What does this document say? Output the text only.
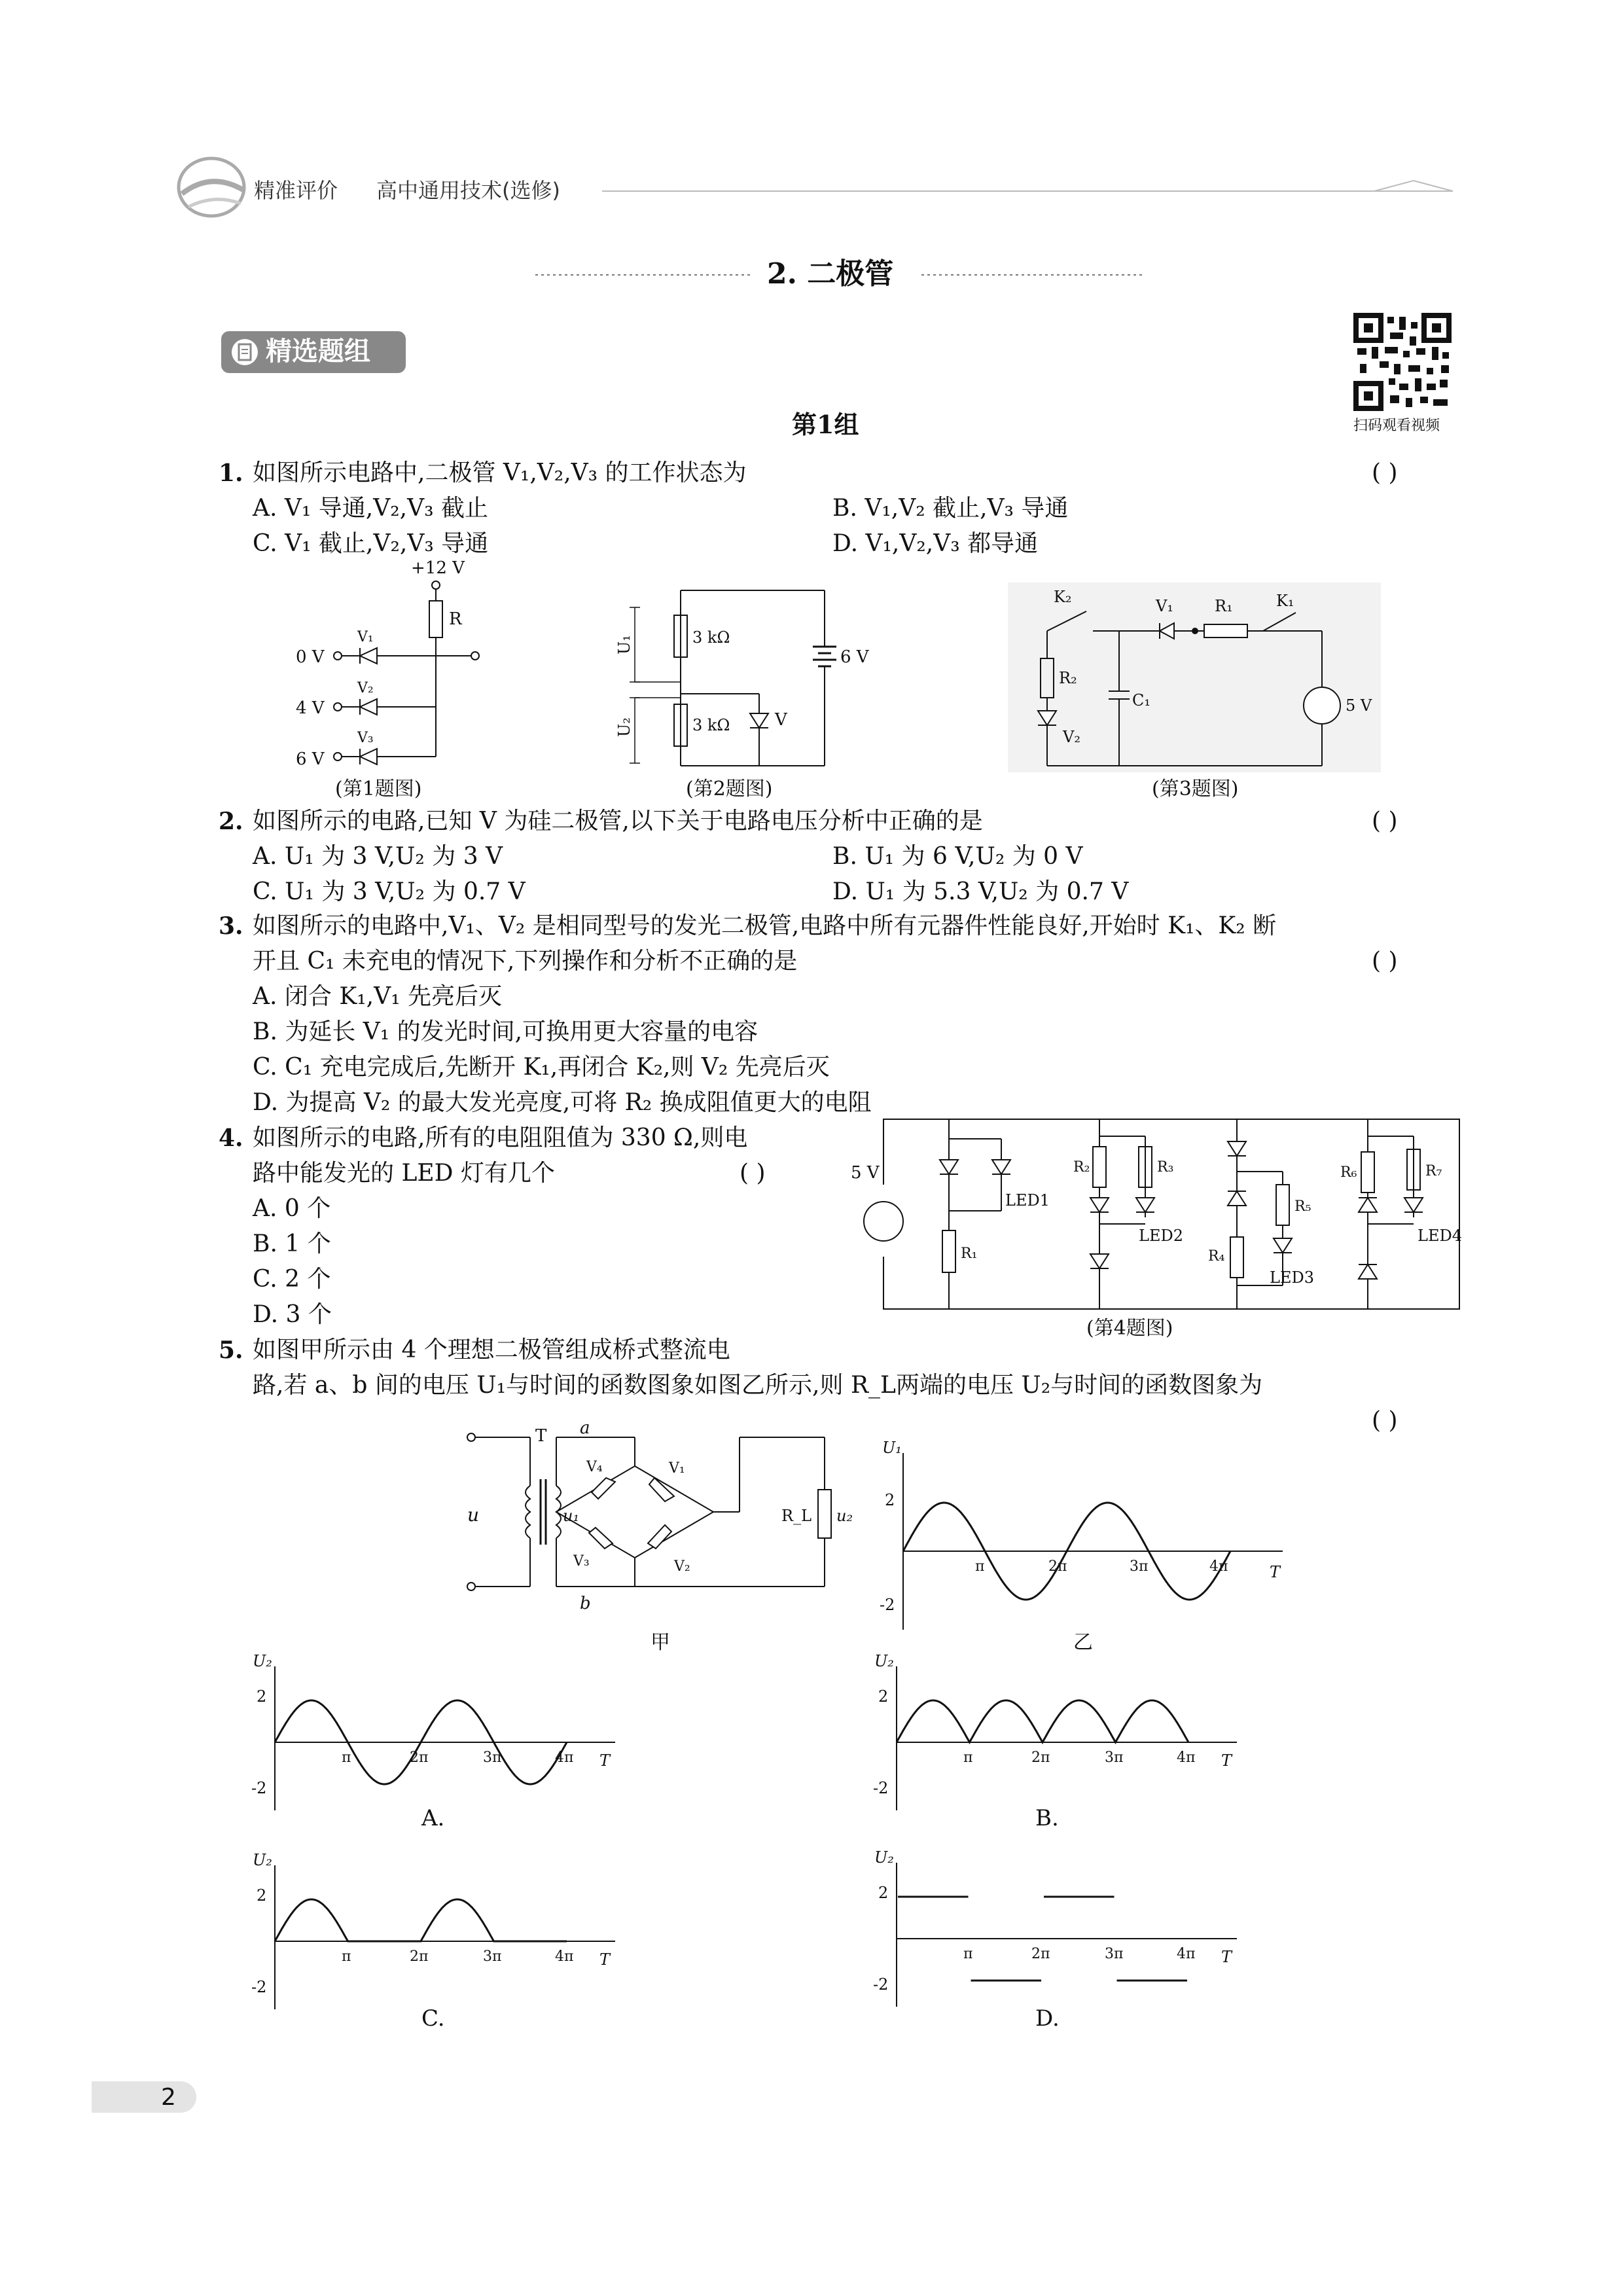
精准评价 高中通用技术(选修)
2. 二极管
精选题组
扫码观看视频
第1组
1. 如图所示电路中,二极管 V₁,V₂,V₃ 的工作状态为	( )
A. V₁ 导通,V₂,V₃ 截止	B. V₁,V₂ 截止,V₃ 导通
C. V₁ 截止,V₂,V₃ 导通	D. V₁,V₂,V₃ 都导通
+12 V
R
0 V
V₁
4 V
V₂
6 V
V₃
(第1题图)
6 V
3 kΩ
3 kΩ	V
U₁
U₂
(第2题图)
K₂
R₂
V₂
C₁
V₁	R₁	K₁
5 V
(第3题图)
2. 如图所示的电路,已知 V 为硅二极管,以下关于电路电压分析中正确的是	( )
A. U₁ 为 3 V,U₂ 为 3 V	B. U₁ 为 6 V,U₂ 为 0 V
C. U₁ 为 3 V,U₂ 为 0.7 V	D. U₁ 为 5.3 V,U₂ 为 0.7 V
3. 如图所示的电路中,V₁、V₂ 是相同型号的发光二极管,电路中所有元器件性能良好,开始时 K₁、K₂ 断
开且 C₁ 未充电的情况下,下列操作和分析不正确的是	( )
A. 闭合 K₁,V₁ 先亮后灭
B. 为延长 V₁ 的发光时间,可换用更大容量的电容
C. C₁ 充电完成后,先断开 K₁,再闭合 K₂,则 V₂ 先亮后灭
D. 为提高 V₂ 的最大发光亮度,可将 R₂ 换成阻值更大的电阻
4. 如图所示的电路,所有的电阻阻值为 330 Ω,则电
路中能发光的 LED 灯有几个	( )
A. 0 个
B. 1 个
C. 2 个
D. 3 个
5 V
LED1
R₁
R₂	R₃
LED2
R₅
R₄
LED3
R₆	R₇
LED4
(第4题图)
5. 如图甲所示由 4 个理想二极管组成桥式整流电
路,若 a、b 间的电压 U₁与时间的函数图象如图乙所示,则 R_L两端的电压 U₂与时间的函数图象为
( )
T
u	u₁
a
b
V₄	V₁
V₃	V₂
R_L u₂
甲
U₁
T
2
-2
π	2π	3π	4π
乙
U₂
T
2
-2
π	2π	3π	4π
A.
U₂
T
2
-2
π	2π	3π	4π
B.
U₂
T
2
-2
π	2π	3π	4π
C.
U₂
T
2
-2
π	2π	3π	4π
D.
2
